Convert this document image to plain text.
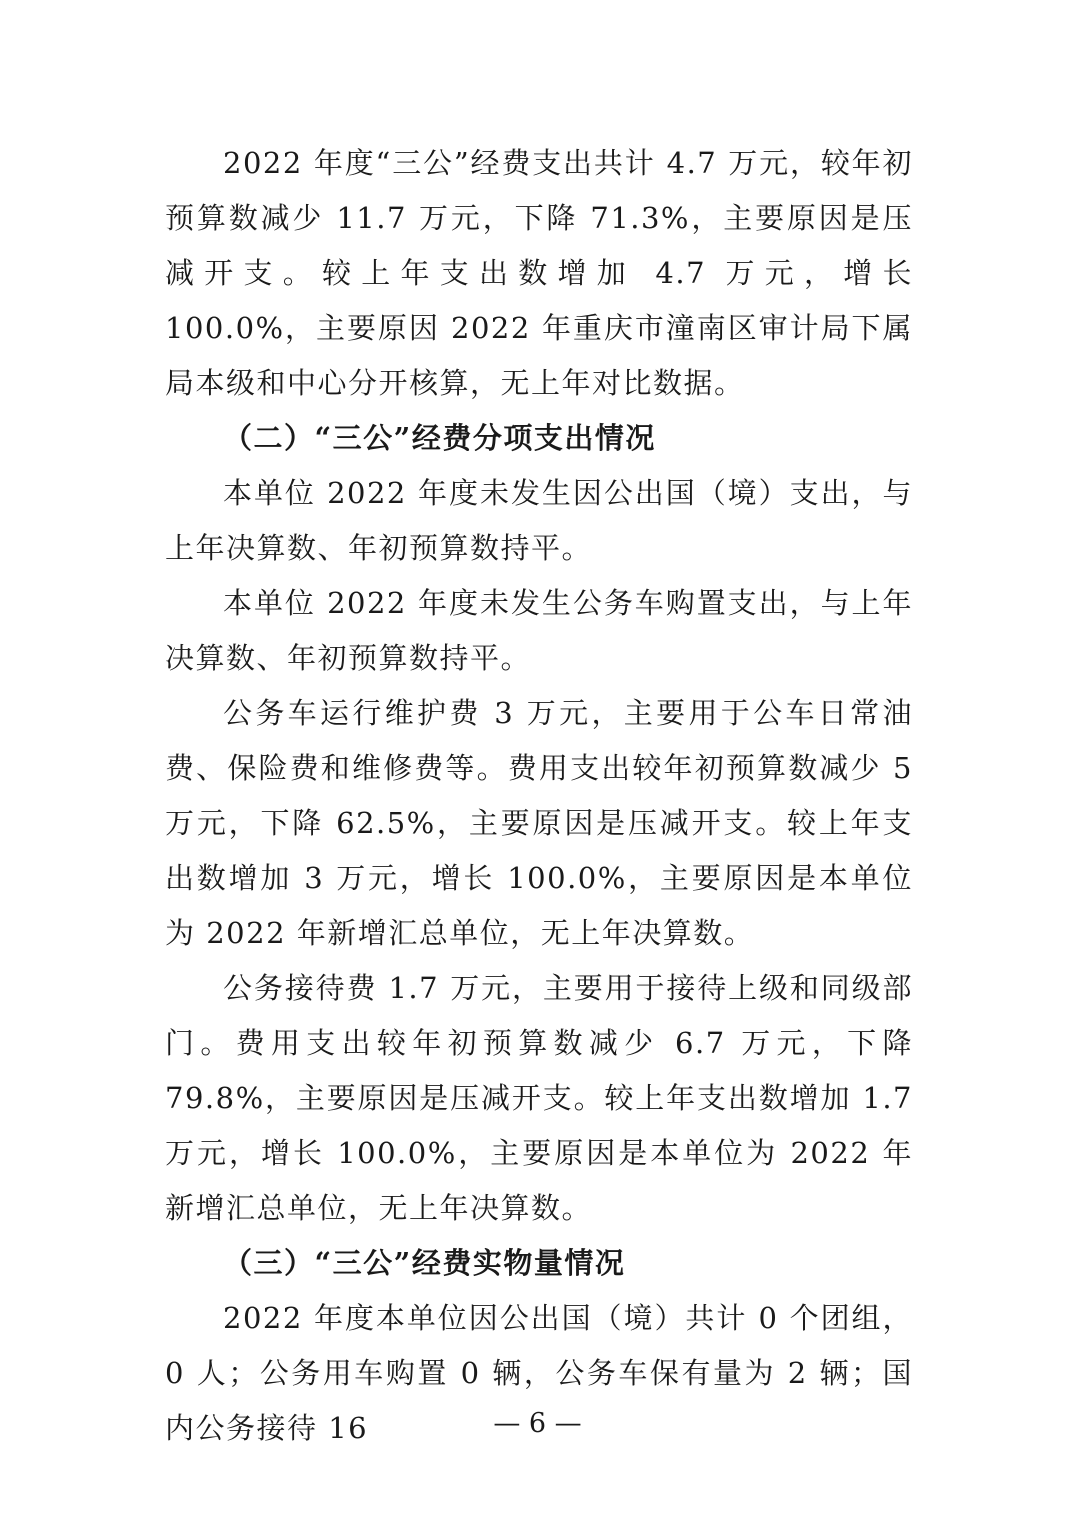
2022 年度“三公”经费支出共计 4.7 万元，较年初预算数减少 11.7 万元，下降 71.3%，主要原因是压减开支。较上年支出数增加 4.7 万元，增长 100.0%，主要原因 2022 年重庆市潼南区审计局下属局本级和中心分开核算，无上年对比数据。

（二）“三公”经费分项支出情况

本单位 2022 年度未发生因公出国（境）支出，与上年决算数、年初预算数持平。

本单位 2022 年度未发生公务车购置支出，与上年决算数、年初预算数持平。

公务车运行维护费 3 万元，主要用于公车日常油费、保险费和维修费等。费用支出较年初预算数减少 5 万元，下降 62.5%，主要原因是压减开支。较上年支出数增加 3 万元，增长 100.0%，主要原因是本单位为 2022 年新增汇总单位，无上年决算数。

公务接待费 1.7 万元，主要用于接待上级和同级部门。费用支出较年初预算数减少 6.7 万元，下降 79.8%，主要原因是压减开支。较上年支出数增加 1.7 万元，增长 100.0%，主要原因是本单位为 2022 年新增汇总单位，无上年决算数。

（三）“三公”经费实物量情况

2022 年度本单位因公出国（境）共计 0 个团组，0 人；公务用车购置 0 辆，公务车保有量为 2 辆；国内公务接待 16	— 6 —
